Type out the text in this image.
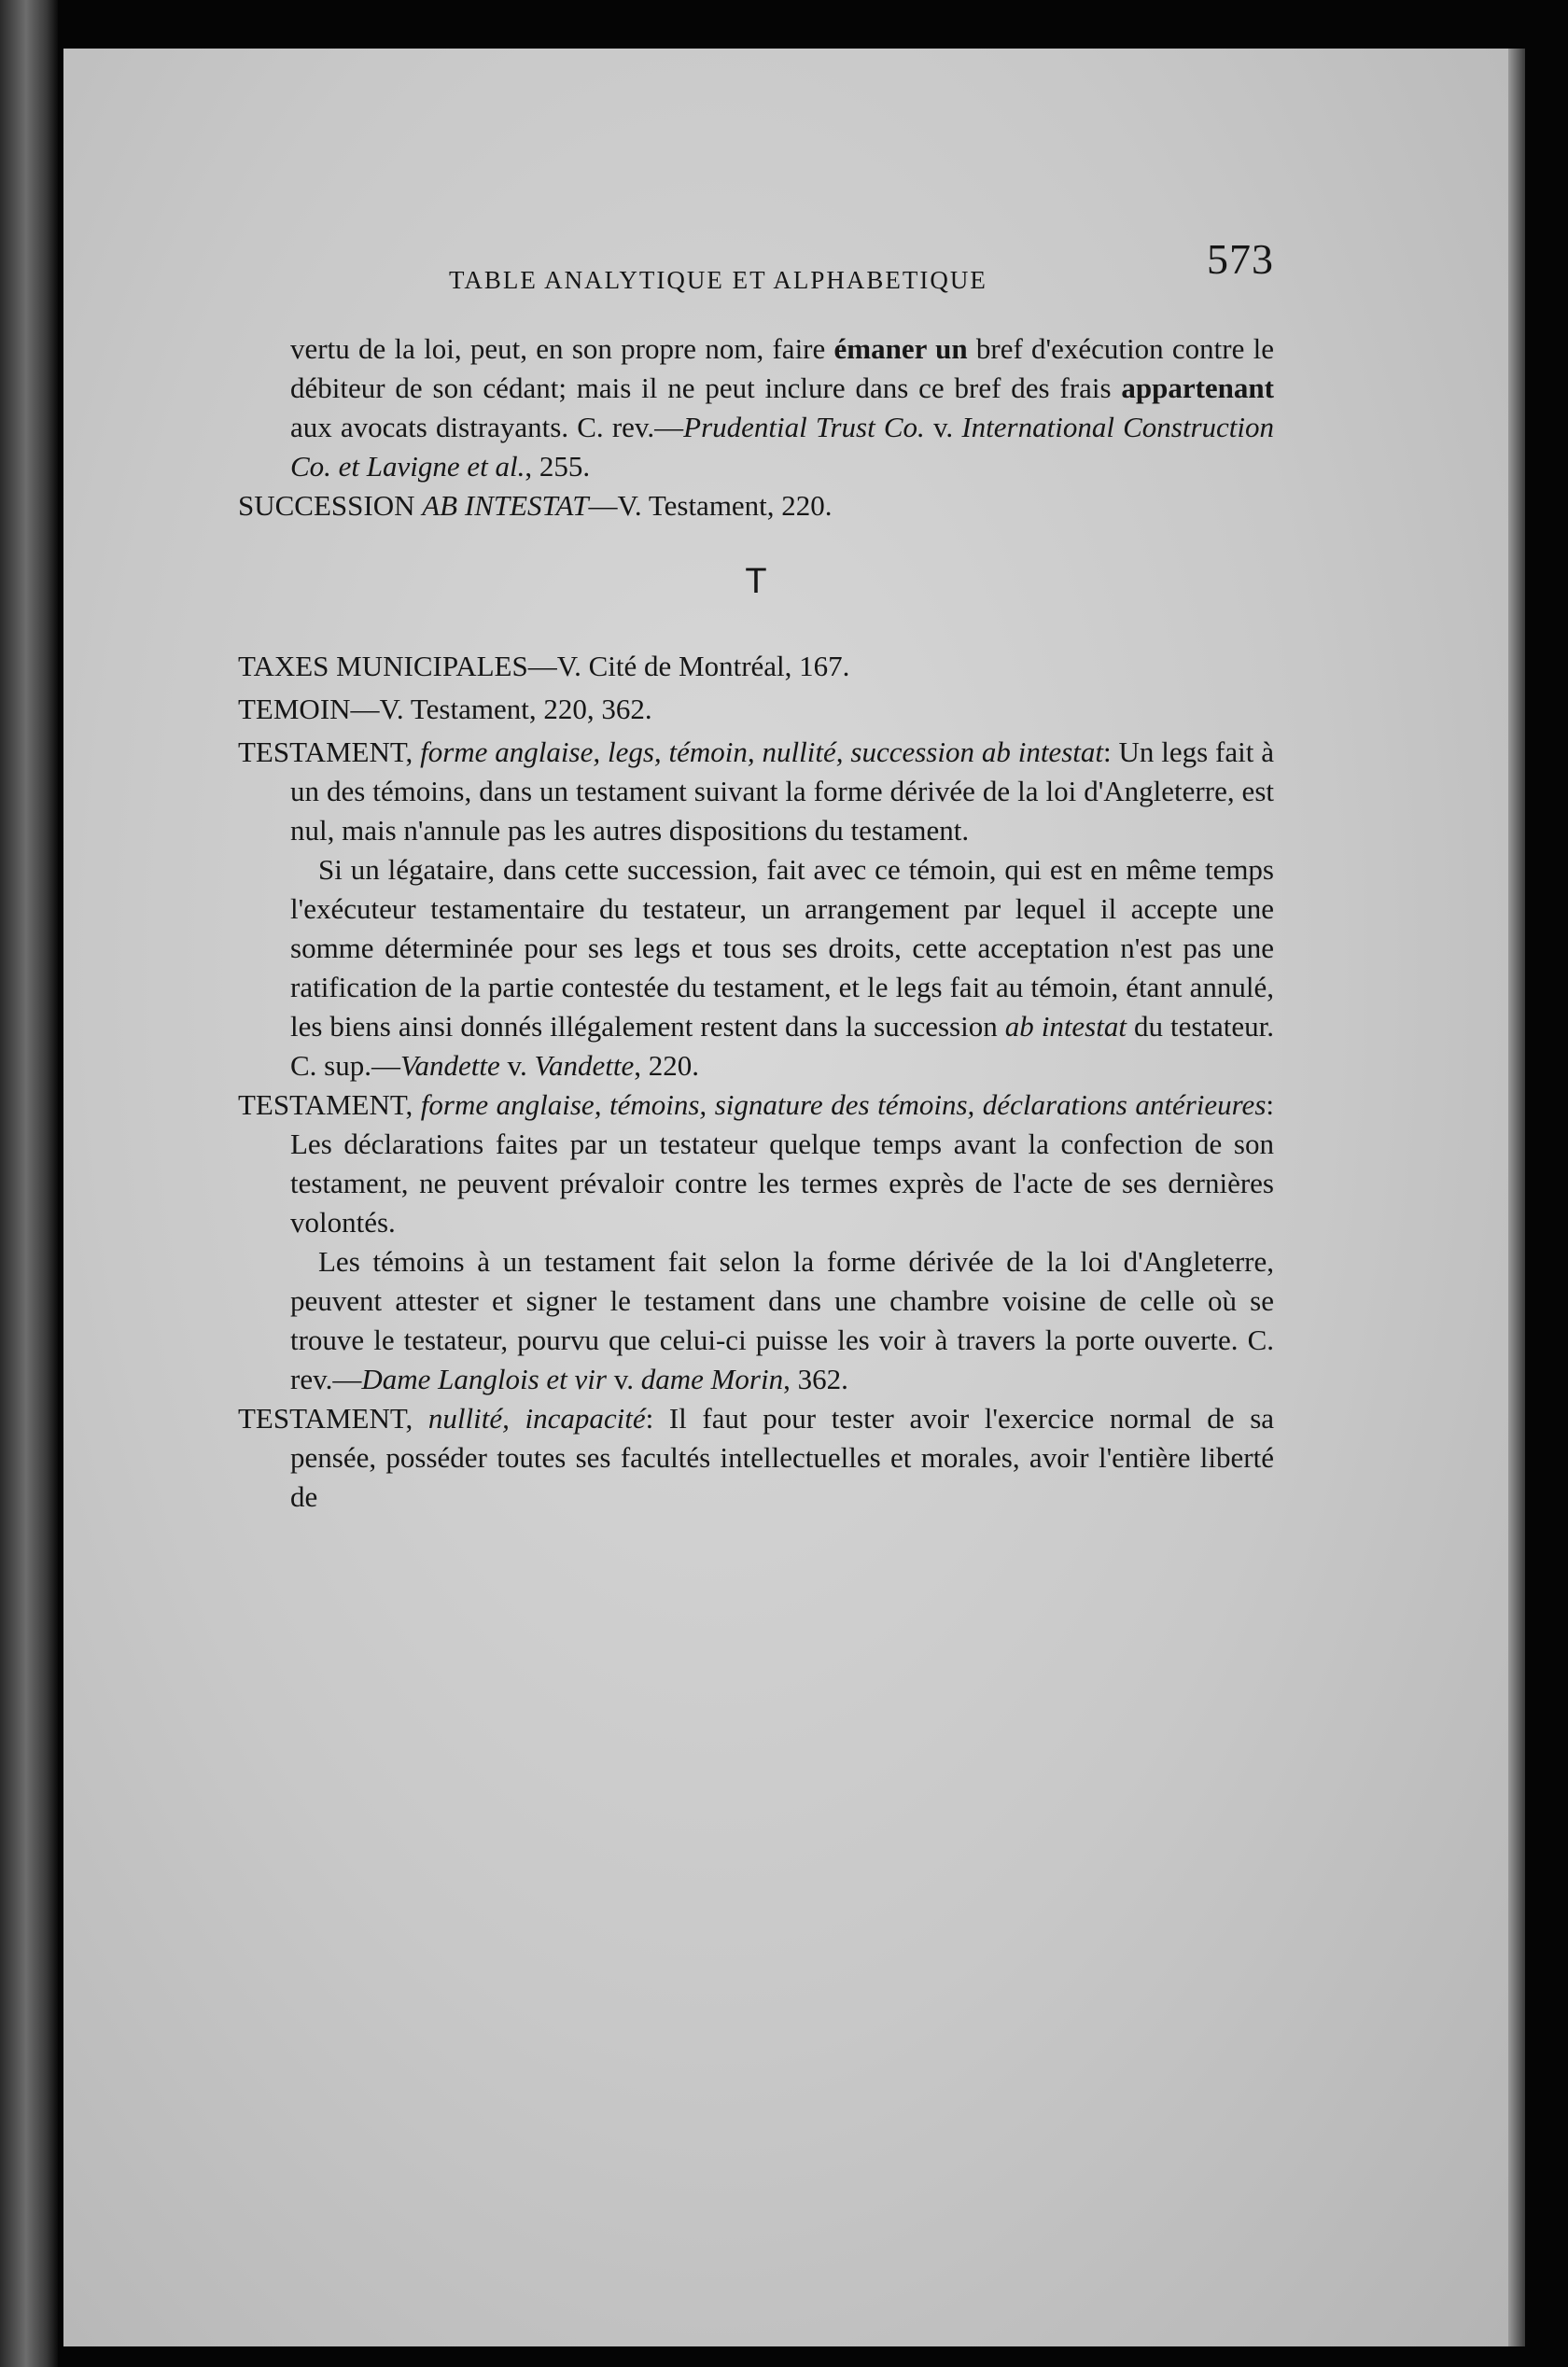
TABLE ANALYTIQUE ET ALPHABETIQUE	573

vertu de la loi, peut, en son propre nom, faire émaner un bref d'exécution contre le débiteur de son cédant; mais il ne peut inclure dans ce bref des frais appartenant aux avocats distrayants. C. rev.—Prudential Trust Co. v. International Construction Co. et Lavigne et al., 255.

SUCCESSION AB INTESTAT—V. Testament, 220.

T

TAXES MUNICIPALES—V. Cité de Montréal, 167.

TEMOIN—V. Testament, 220, 362.

TESTAMENT, forme anglaise, legs, témoin, nullité, succession ab intestat: Un legs fait à un des témoins, dans un testament suivant la forme dérivée de la loi d'Angleterre, est nul, mais n'annule pas les autres dispositions du testament.

Si un légataire, dans cette succession, fait avec ce témoin, qui est en même temps l'exécuteur testamentaire du testateur, un arrangement par lequel il accepte une somme déterminée pour ses legs et tous ses droits, cette acceptation n'est pas une ratification de la partie contestée du testament, et le legs fait au témoin, étant annulé, les biens ainsi donnés illégalement restent dans la succession ab intestat du testateur. C. sup.—Vandette v. Vandette, 220.

TESTAMENT, forme anglaise, témoins, signature des témoins, déclarations antérieures: Les déclarations faites par un testateur quelque temps avant la confection de son testament, ne peuvent prévaloir contre les termes exprès de l'acte de ses dernières volontés.

Les témoins à un testament fait selon la forme dérivée de la loi d'Angleterre, peuvent attester et signer le testament dans une chambre voisine de celle où se trouve le testateur, pourvu que celui-ci puisse les voir à travers la porte ouverte. C. rev.—Dame Langlois et vir v. dame Morin, 362.

TESTAMENT, nullité, incapacité: Il faut pour tester avoir l'exercice normal de sa pensée, posséder toutes ses facultés intellectuelles et morales, avoir l'entière liberté de
